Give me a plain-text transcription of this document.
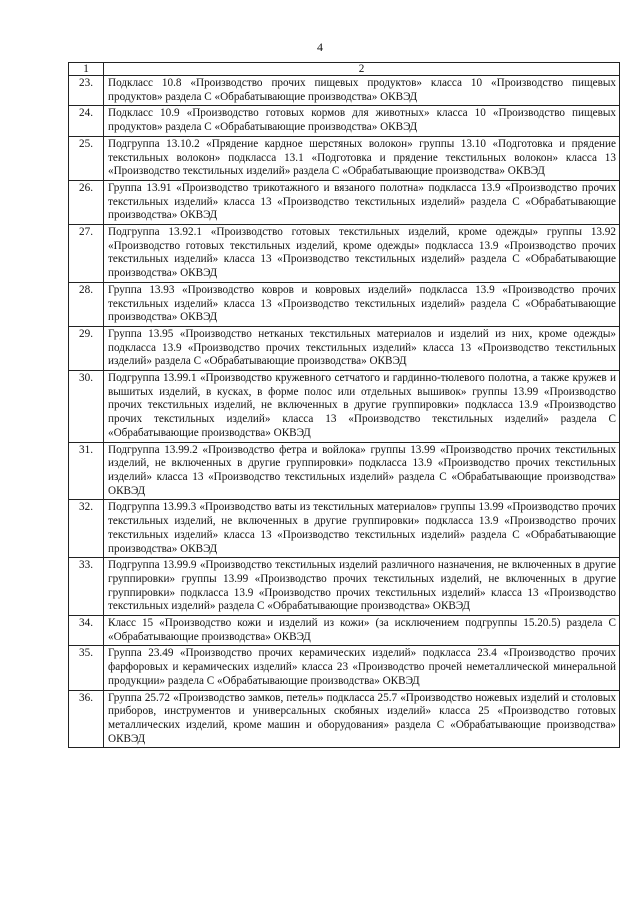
4
1	2
23.	Подкласс 10.8 «Производство прочих пищевых продуктов» класса 10 «Производство пищевых продуктов» раздела С «Обрабатывающие производства» ОКВЭД
24.	Подкласс 10.9 «Производство готовых кормов для животных» класса 10 «Производство пищевых продуктов» раздела С «Обрабатывающие производства» ОКВЭД
25.	Подгруппа 13.10.2 «Прядение кардное шерстяных волокон» группы 13.10 «Подготовка и прядение текстильных волокон» подкласса 13.1 «Подготовка и прядение текстильных волокон» класса 13 «Производство текстильных изделий» раздела С «Обрабатывающие производства» ОКВЭД
26.	Группа 13.91 «Производство трикотажного и вязаного полотна» подкласса 13.9 «Производство прочих текстильных изделий» класса 13 «Производство текстильных изделий» раздела С «Обрабатывающие производства» ОКВЭД
27.	Подгруппа 13.92.1 «Производство готовых текстильных изделий, кроме одежды» группы 13.92 «Производство готовых текстильных изделий, кроме одежды» подкласса 13.9 «Производство прочих текстильных изделий» класса 13 «Производство текстильных изделий» раздела С «Обрабатывающие производства» ОКВЭД
28.	Группа 13.93 «Производство ковров и ковровых изделий» подкласса 13.9 «Производство прочих текстильных изделий» класса 13 «Производство текстильных изделий» раздела С «Обрабатывающие производства» ОКВЭД
29.	Группа 13.95 «Производство нетканых текстильных материалов и изделий из них, кроме одежды» подкласса 13.9 «Производство прочих текстильных изделий» класса 13 «Производство текстильных изделий» раздела С «Обрабатывающие производства» ОКВЭД
30.	Подгруппа 13.99.1 «Производство кружевного сетчатого и гардинно-тюлевого полотна, а также кружев и вышитых изделий, в кусках, в форме полос или отдельных вышивок» группы 13.99 «Производство прочих текстильных изделий, не включенных в другие группировки» подкласса 13.9 «Производство прочих текстильных изделий» класса 13 «Производство текстильных изделий» раздела С «Обрабатывающие производства» ОКВЭД
31.	Подгруппа 13.99.2 «Производство фетра и войлока» группы 13.99 «Производство прочих текстильных изделий, не включенных в другие группировки» подкласса 13.9 «Производство прочих текстильных изделий» класса 13 «Производство текстильных изделий» раздела С «Обрабатывающие производства» ОКВЭД
32.	Подгруппа 13.99.3 «Производство ваты из текстильных материалов» группы 13.99 «Производство прочих текстильных изделий, не включенных в другие группировки» подкласса 13.9 «Производство прочих текстильных изделий» класса 13 «Производство текстильных изделий» раздела С «Обрабатывающие производства» ОКВЭД
33.	Подгруппа 13.99.9 «Производство текстильных изделий различного назначения, не включенных в другие группировки» группы 13.99 «Производство прочих текстильных изделий, не включенных в другие группировки» подкласса 13.9 «Производство прочих текстильных изделий» класса 13 «Производство текстильных изделий» раздела С «Обрабатывающие производства» ОКВЭД
34.	Класс 15 «Производство кожи и изделий из кожи» (за исключением подгруппы 15.20.5) раздела С «Обрабатывающие производства» ОКВЭД
35.	Группа 23.49 «Производство прочих керамических изделий» подкласса 23.4 «Производство прочих фарфоровых и керамических изделий» класса 23 «Производство прочей неметаллической минеральной продукции» раздела С «Обрабатывающие производства» ОКВЭД
36.	Группа 25.72 «Производство замков, петель» подкласса 25.7 «Производство ножевых изделий и столовых приборов, инструментов и универсальных скобяных изделий» класса 25 «Производство готовых металлических изделий, кроме машин и оборудования» раздела С «Обрабатывающие производства» ОКВЭД
